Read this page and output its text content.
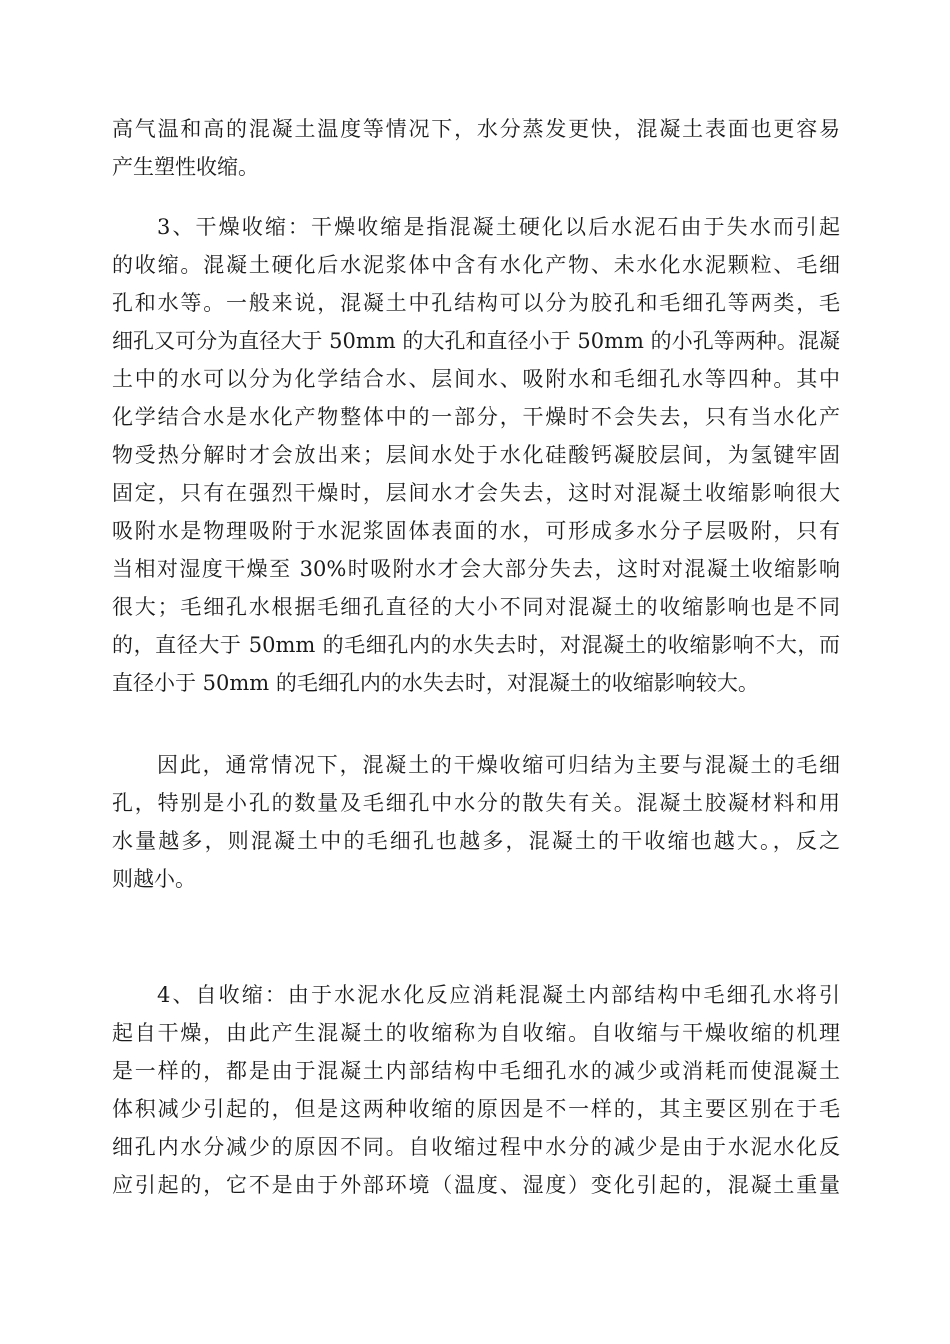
高气温和高的混凝土温度等情况下，水分蒸发更快，混凝土表面也更容易
产生塑性收缩。
3、干燥收缩：干燥收缩是指混凝土硬化以后水泥石由于失水而引起
的收缩。混凝土硬化后水泥浆体中含有水化产物、未水化水泥颗粒、毛细
孔和水等。一般来说，混凝土中孔结构可以分为胶孔和毛细孔等两类，毛
细孔又可分为直径大于 50mm 的大孔和直径小于 50mm 的小孔等两种。混凝
土中的水可以分为化学结合水、层间水、吸附水和毛细孔水等四种。其中
化学结合水是水化产物整体中的一部分，干燥时不会失去，只有当水化产
物受热分解时才会放出来；层间水处于水化硅酸钙凝胶层间，为氢键牢固
固定，只有在强烈干燥时，层间水才会失去，这时对混凝土收缩影响很大
吸附水是物理吸附于水泥浆固体表面的水，可形成多水分子层吸附，只有
当相对湿度干燥至 30%时吸附水才会大部分失去，这时对混凝土收缩影响
很大；毛细孔水根据毛细孔直径的大小不同对混凝土的收缩影响也是不同
的，直径大于 50mm 的毛细孔内的水失去时，对混凝土的收缩影响不大，而
直径小于 50mm 的毛细孔内的水失去时，对混凝土的收缩影响较大。
因此，通常情况下，混凝土的干燥收缩可归结为主要与混凝土的毛细
孔，特别是小孔的数量及毛细孔中水分的散失有关。混凝土胶凝材料和用
水量越多，则混凝土中的毛细孔也越多，混凝土的干收缩也越大。，反之
则越小。
4、自收缩：由于水泥水化反应消耗混凝土内部结构中毛细孔水将引
起自干燥，由此产生混凝土的收缩称为自收缩。自收缩与干燥收缩的机理
是一样的，都是由于混凝土内部结构中毛细孔水的减少或消耗而使混凝土
体积减少引起的，但是这两种收缩的原因是不一样的，其主要区别在于毛
细孔内水分减少的原因不同。自收缩过程中水分的减少是由于水泥水化反
应引起的，它不是由于外部环境（温度、湿度）变化引起的，混凝土重量
